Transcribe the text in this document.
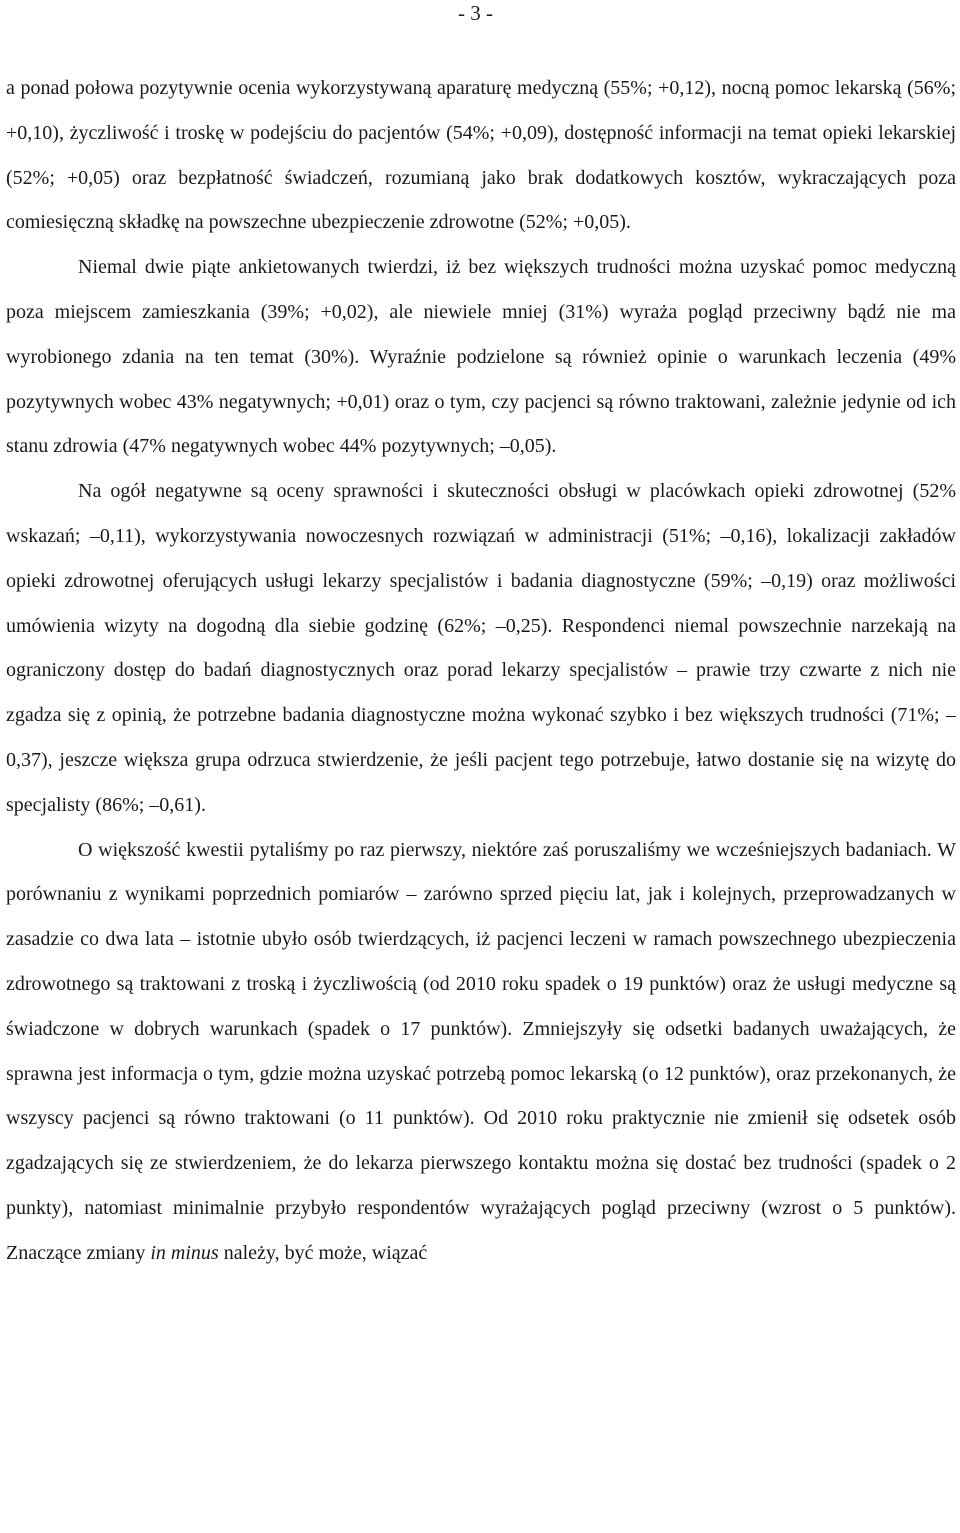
- 3 -

a ponad połowa pozytywnie ocenia wykorzystywaną aparaturę medyczną (55%; +0,12), nocną pomoc lekarską (56%; +0,10), życzliwość i troskę w podejściu do pacjentów (54%; +0,09), dostępność informacji na temat opieki lekarskiej (52%; +0,05) oraz bezpłatność świadczeń, rozumianą jako brak dodatkowych kosztów, wykraczających poza comiesięczną składkę na powszechne ubezpieczenie zdrowotne (52%; +0,05).

Niemal dwie piąte ankietowanych twierdzi, iż bez większych trudności można uzyskać pomoc medyczną poza miejscem zamieszkania (39%; +0,02), ale niewiele mniej (31%) wyraża pogląd przeciwny bądź nie ma wyrobionego zdania na ten temat (30%). Wyraźnie podzielone są również opinie o warunkach leczenia (49% pozytywnych wobec 43% negatywnych; +0,01) oraz o tym, czy pacjenci są równo traktowani, zależnie jedynie od ich stanu zdrowia (47% negatywnych wobec 44% pozytywnych; –0,05).

Na ogół negatywne są oceny sprawności i skuteczności obsługi w placówkach opieki zdrowotnej (52% wskazań; –0,11), wykorzystywania nowoczesnych rozwiązań w administracji (51%; –0,16), lokalizacji zakładów opieki zdrowotnej oferujących usługi lekarzy specjalistów i badania diagnostyczne (59%; –0,19) oraz możliwości umówienia wizyty na dogodną dla siebie godzinę (62%; –0,25). Respondenci niemal powszechnie narzekają na ograniczony dostęp do badań diagnostycznych oraz porad lekarzy specjalistów – prawie trzy czwarte z nich nie zgadza się z opinią, że potrzebne badania diagnostyczne można wykonać szybko i bez większych trudności (71%; –0,37), jeszcze większa grupa odrzuca stwierdzenie, że jeśli pacjent tego potrzebuje, łatwo dostanie się na wizytę do specjalisty (86%; –0,61).

O większość kwestii pytaliśmy po raz pierwszy, niektóre zaś poruszaliśmy we wcześniejszych badaniach. W porównaniu z wynikami poprzednich pomiarów – zarówno sprzed pięciu lat, jak i kolejnych, przeprowadzanych w zasadzie co dwa lata – istotnie ubyło osób twierdzących, iż pacjenci leczeni w ramach powszechnego ubezpieczenia zdrowotnego są traktowani z troską i życzliwością (od 2010 roku spadek o 19 punktów) oraz że usługi medyczne są świadczone w dobrych warunkach (spadek o 17 punktów). Zmniejszyły się odsetki badanych uważających, że sprawna jest informacja o tym, gdzie można uzyskać potrzebą pomoc lekarską (o 12 punktów), oraz przekonanych, że wszyscy pacjenci są równo traktowani (o 11 punktów). Od 2010 roku praktycznie nie zmienił się odsetek osób zgadzających się ze stwierdzeniem, że do lekarza pierwszego kontaktu można się dostać bez trudności (spadek o 2 punkty), natomiast minimalnie przybyło respondentów wyrażających pogląd przeciwny (wzrost o 5 punktów). Znaczące zmiany in minus należy, być może, wiązać
